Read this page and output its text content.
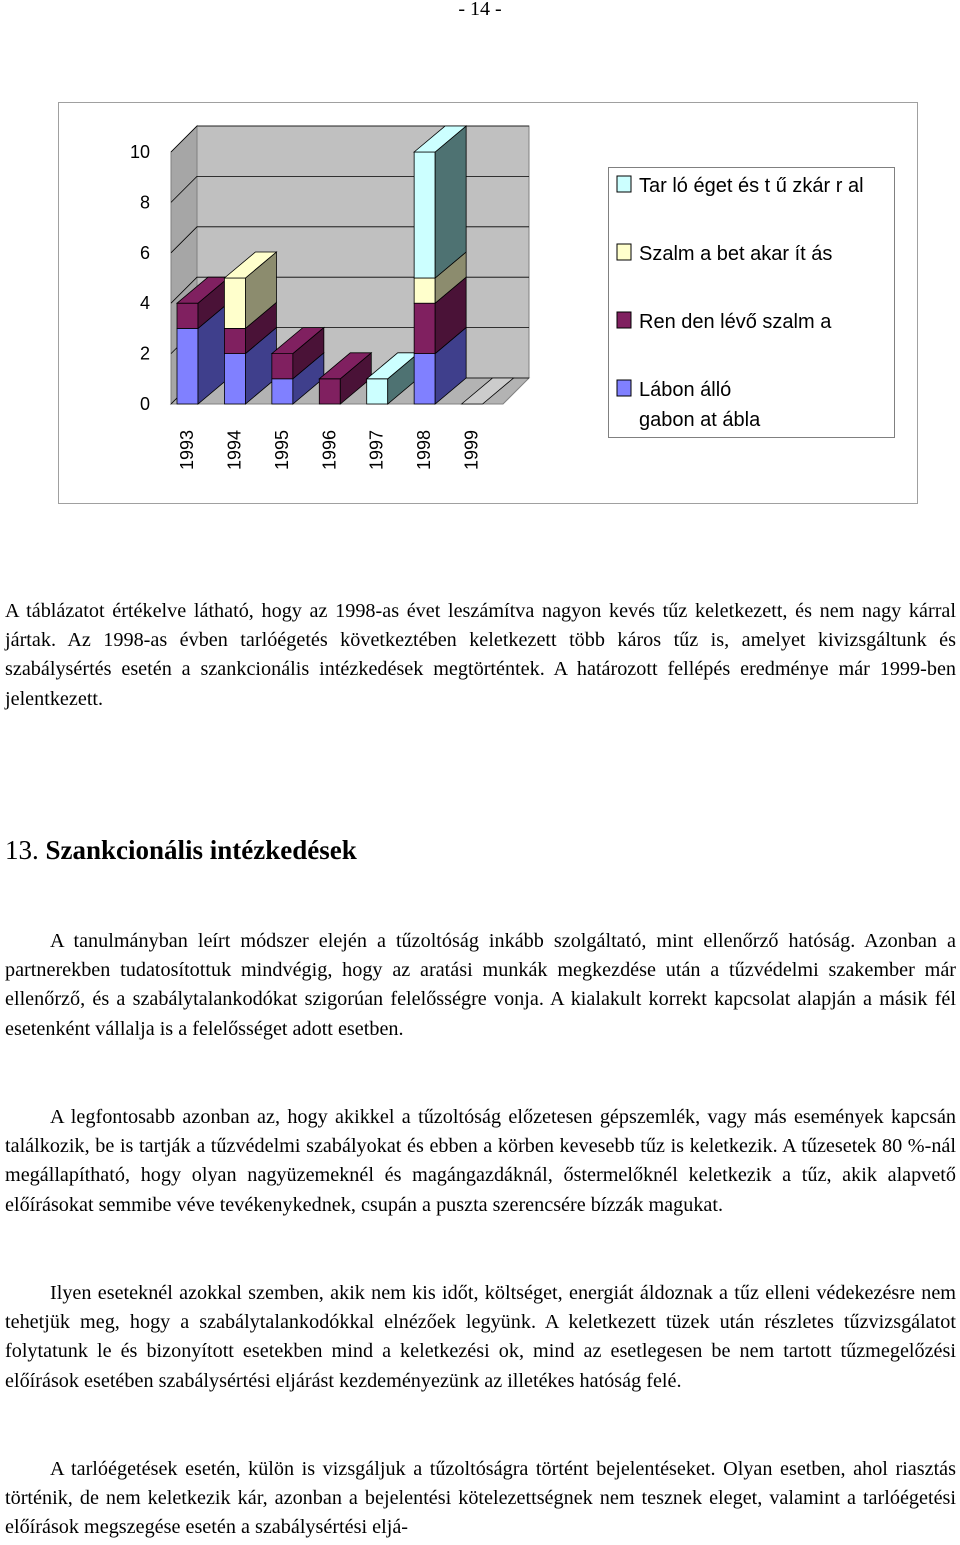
- 14 -
0
2
4
6
8
10
1993 1994 1995 1996 1997 1998 1999
Tar ló éget és t ű zkár r al
Szalm a bet akar ít ás
Ren den lévő szalm a
Lábon álló
gabon at ábla

A táblázatot értékelve látható, hogy az 1998-as évet leszámítva nagyon kevés tűz keletkezett, és nem nagy kárral jártak. Az 1998-as évben tarlóégetés következtében keletkezett több káros tűz is, amelyet kivizsgáltunk és szabálysértés esetén a szankcionális intézkedések megtörténtek. A határozott fellépés eredménye már 1999-ben jelentkezett.

13. Szankcionális intézkedések

A tanulmányban leírt módszer elején a tűzoltóság inkább szolgáltató, mint ellenőrző hatóság. Azonban a partnerekben tudatosítottuk mindvégig, hogy az aratási munkák megkezdése után a tűzvédelmi szakember már ellenőrző, és a szabálytalankodókat szigorúan felelősségre vonja. A kialakult korrekt kapcsolat alapján a másik fél esetenként vállalja is a felelősséget adott esetben.

A legfontosabb azonban az, hogy akikkel a tűzoltóság előzetesen gépszemlék, vagy más események kapcsán találkozik, be is tartják a tűzvédelmi szabályokat és ebben a körben kevesebb tűz is keletkezik. A tűzesetek 80 %-nál megállapítható, hogy olyan nagyüzemeknél és magángazdáknál, őstermelőknél keletkezik a tűz, akik alapvető előírásokat semmibe véve tevékenykednek, csupán a puszta szerencsére bízzák magukat.

Ilyen eseteknél azokkal szemben, akik nem kis időt, költséget, energiát áldoznak a tűz elleni védekezésre nem tehetjük meg, hogy a szabálytalankodókkal elnézőek legyünk. A keletkezett tüzek után részletes tűzvizsgálatot folytatunk le és bizonyított esetekben mind a keletkezési ok, mind az esetlegesen be nem tartott tűzmegelőzési előírások esetében szabálysértési eljárást kezdeményezünk az illetékes hatóság felé.

A tarlóégetések esetén, külön is vizsgáljuk a tűzoltóságra történt bejelentéseket. Olyan esetben, ahol riasztás történik, de nem keletkezik kár, azonban a bejelentési kötelezettségnek nem tesznek eleget, valamint a tarlóégetési előírások megszegése esetén a szabálysértési eljá-
